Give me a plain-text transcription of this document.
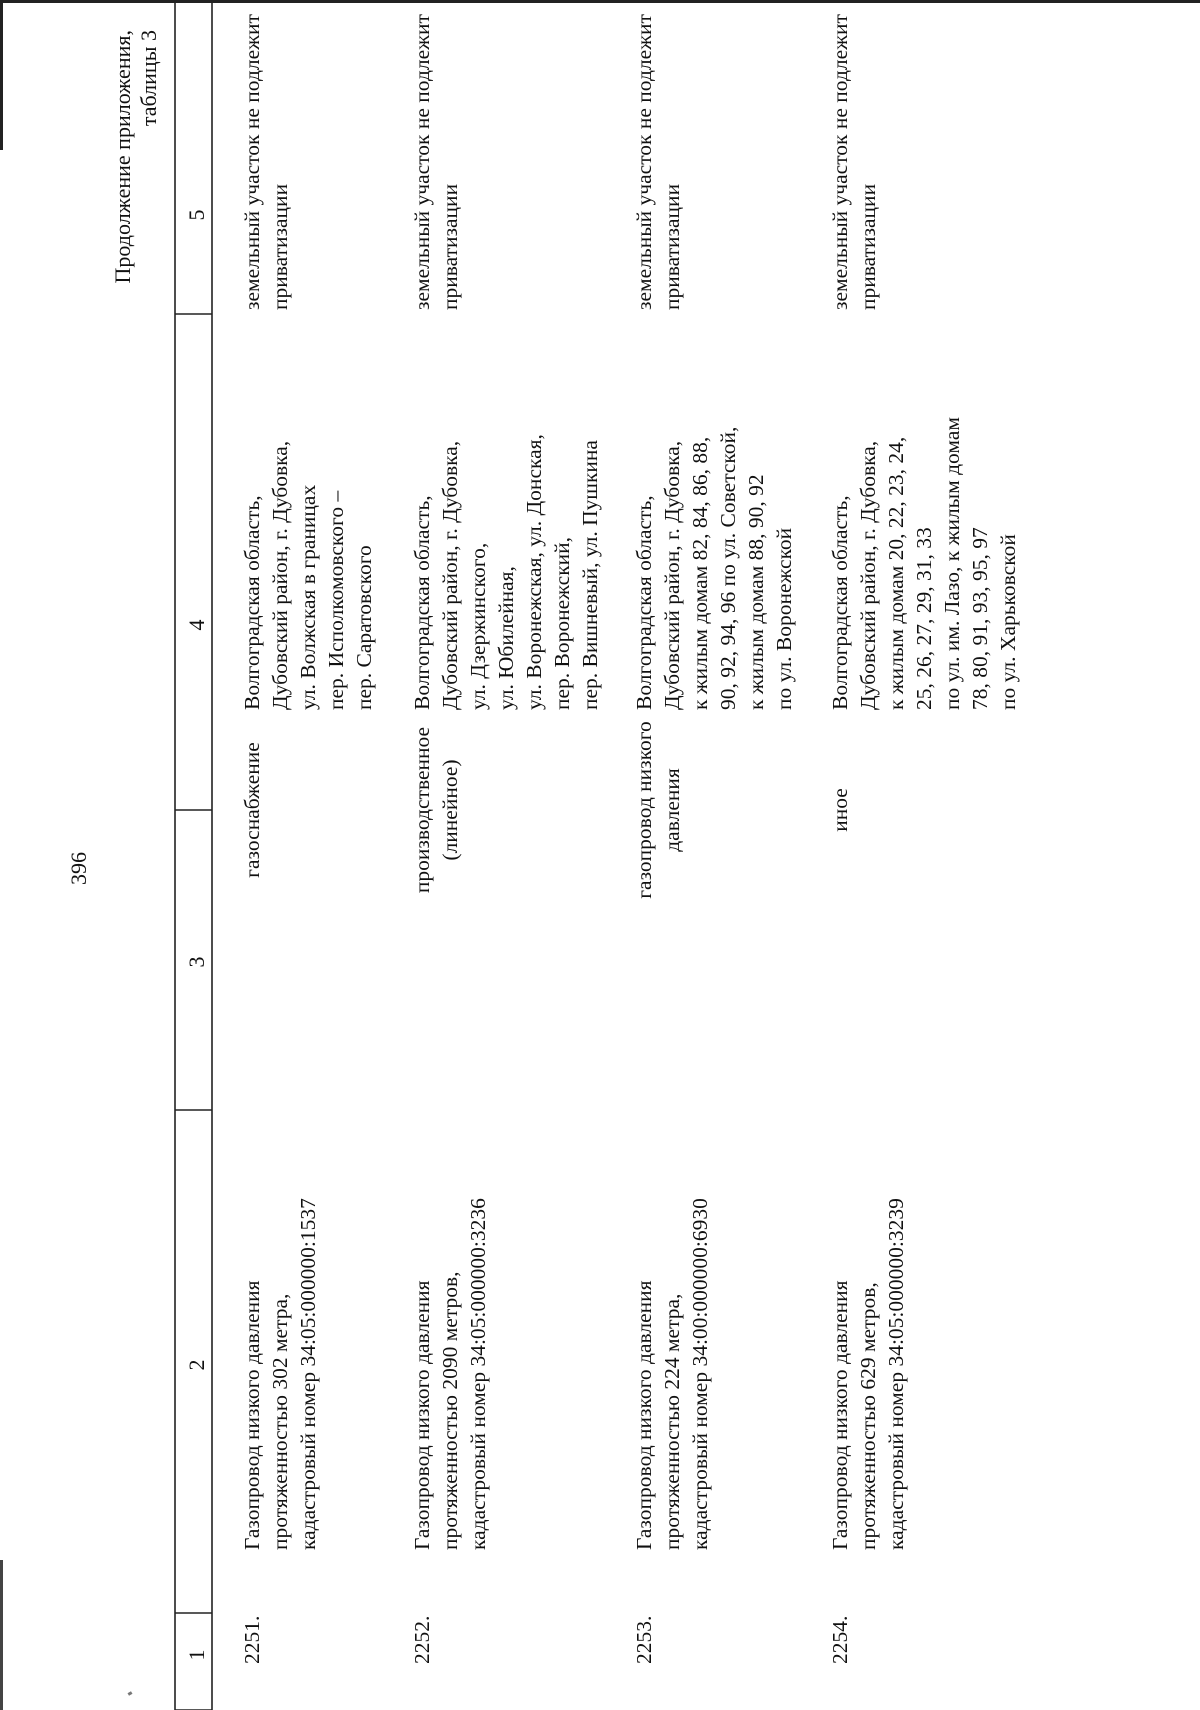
396
Продолжение приложения, таблицы 3
1
2
3
4
5
2251.
Газопровод низкого давления протяженностью 302 метра, кадастровый номер 34:05:000000:1537
газоснабжение
Волгоградская область, Дубовский район, г. Дубовка, ул. Волжская в границах пер. Исполкомовского – пер. Саратовского
земельный участок не подлежит приватизации
2252.
Газопровод низкого давления протяженностью 2090 метров, кадастровый номер 34:05:000000:3236
производственное (линейное)
Волгоградская область, Дубовский район, г. Дубовка, ул. Дзержинского, ул. Юбилейная, ул. Воронежская, ул. Донская, пер. Воронежский, пер. Вишневый, ул. Пушкина
земельный участок не подлежит приватизации
2253.
Газопровод низкого давления протяженностью 224 метра, кадастровый номер 34:00:000000:6930
газопровод низкого давления
Волгоградская область, Дубовский район, г. Дубовка, к жилым домам 82, 84, 86, 88, 90, 92, 94, 96 по ул. Советской, к жилым домам 88, 90, 92 по ул. Воронежской
земельный участок не подлежит приватизации
2254.
Газопровод низкого давления протяженностью 629 метров, кадастровый номер 34:05:000000:3239
иное
Волгоградская область, Дубовский район, г. Дубовка, к жилым домам 20, 22, 23, 24, 25, 26, 27, 29, 31, 33 по ул. им. Лазо, к жилым домам 78, 80, 91, 93, 95, 97 по ул. Харьковской
земельный участок не подлежит приватизации
